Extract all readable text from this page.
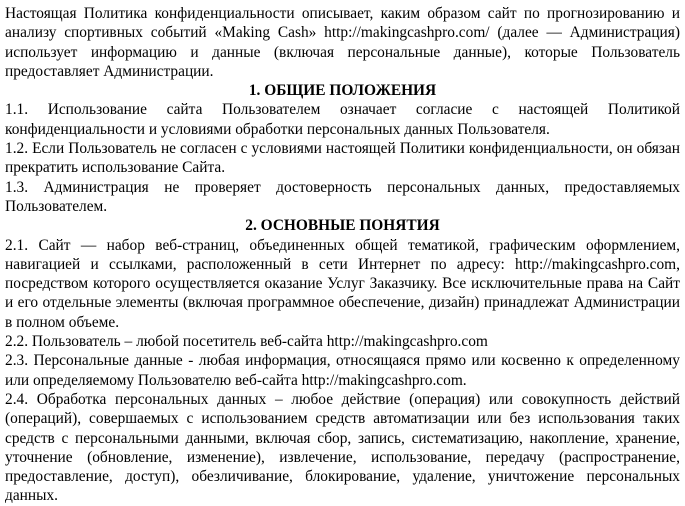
Настоящая Политика конфиденциальности описывает, каким образом сайт по прогнозированию и анализу спортивных событий «Making Cash» http://makingcashpro.com/ (далее — Администрация) использует информацию и данные (включая персональные данные), которые Пользователь предоставляет Администрации.

1. ОБЩИЕ ПОЛОЖЕНИЯ

1.1. Использование сайта Пользователем означает согласие с настоящей Политикой конфиденциальности и условиями обработки персональных данных Пользователя.

1.2. Если Пользователь не согласен с условиями настоящей Политики конфиденциальности, он обязан прекратить использование Сайта.

1.3. Администрация не проверяет достоверность персональных данных, предоставляемых Пользователем.

2. ОСНОВНЫЕ ПОНЯТИЯ

2.1. Сайт — набор веб-страниц, объединенных общей тематикой, графическим оформлением, навигацией и ссылками, расположенный в сети Интернет по адресу: http://makingcashpro.com, посредством которого осуществляется оказание Услуг Заказчику. Все исключительные права на Сайт и его отдельные элементы (включая программное обеспечение, дизайн) принадлежат Администрации в полном объеме.

2.2. Пользователь – любой посетитель веб-сайта http://makingcashpro.com

2.3. Персональные данные - любая информация, относящаяся прямо или косвенно к определенному или определяемому Пользователю веб-сайта http://makingcashpro.com.

2.4. Обработка персональных данных – любое действие (операция) или совокупность действий (операций), совершаемых с использованием средств автоматизации или без использования таких средств с персональными данными, включая сбор, запись, систематизацию, накопление, хранение, уточнение (обновление, изменение), извлечение, использование, передачу (распространение, предоставление, доступ), обезличивание, блокирование, удаление, уничтожение персональных данных.
